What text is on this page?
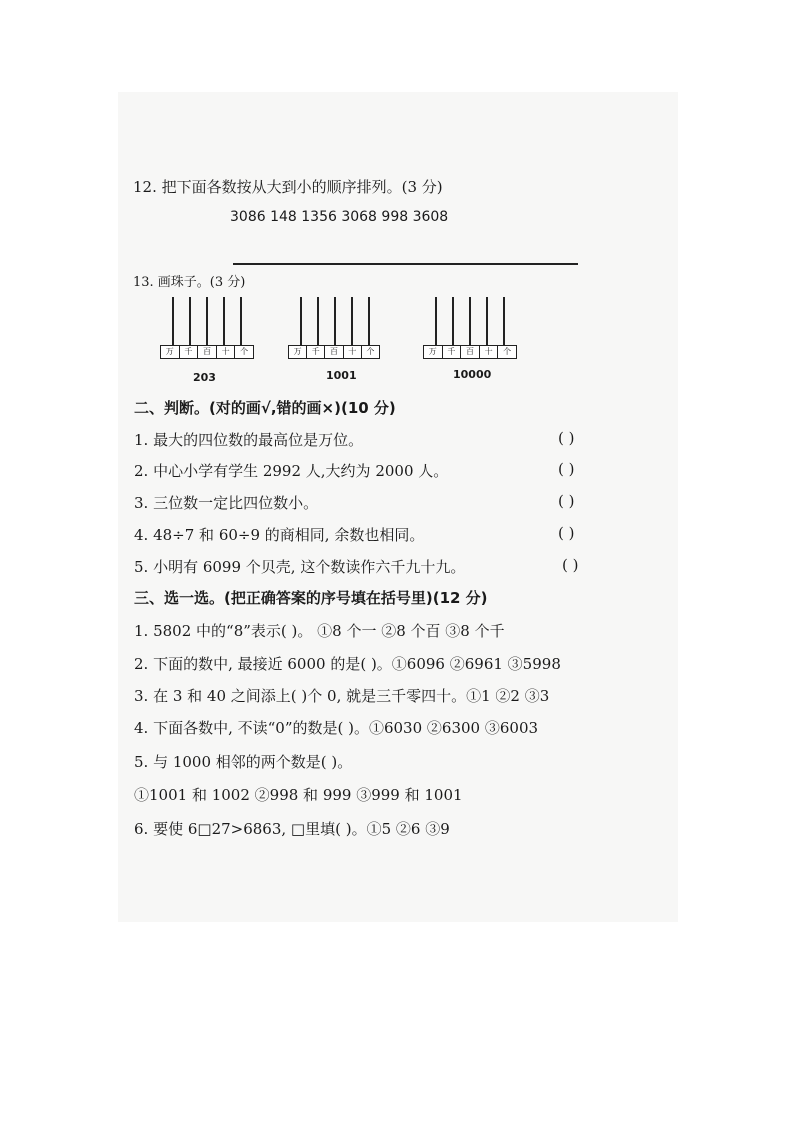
12. 把下面各数按从大到小的顺序排列。(3 分)
3086 148 1356 3068 998 3608
13. 画珠子。(3 分)
万	千	百	十	个
203
万	千	百	十	个
1001
万	千	百	十	个
10000
二、判断。(对的画√,错的画×)(10 分)
1. 最大的四位数的最高位是万位。	( )
2. 中心小学有学生 2992 人,大约为 2000 人。	( )
3. 三位数一定比四位数小。	( )
4. 48÷7 和 60÷9 的商相同, 余数也相同。	( )
5. 小明有 6099 个贝壳, 这个数读作六千九十九。	( )
三、选一选。(把正确答案的序号填在括号里)(12 分)
1. 5802 中的“8”表示( )。 ①8 个一 ②8 个百 ③8 个千
2. 下面的数中, 最接近 6000 的是( )。①6096 ②6961 ③5998
3. 在 3 和 40 之间添上( )个 0, 就是三千零四十。①1 ②2 ③3
4. 下面各数中, 不读“0”的数是( )。①6030 ②6300 ③6003
5. 与 1000 相邻的两个数是( )。
①1001 和 1002 ②998 和 999 ③999 和 1001
6. 要使 6□27>6863, □里填( )。①5 ②6 ③9
